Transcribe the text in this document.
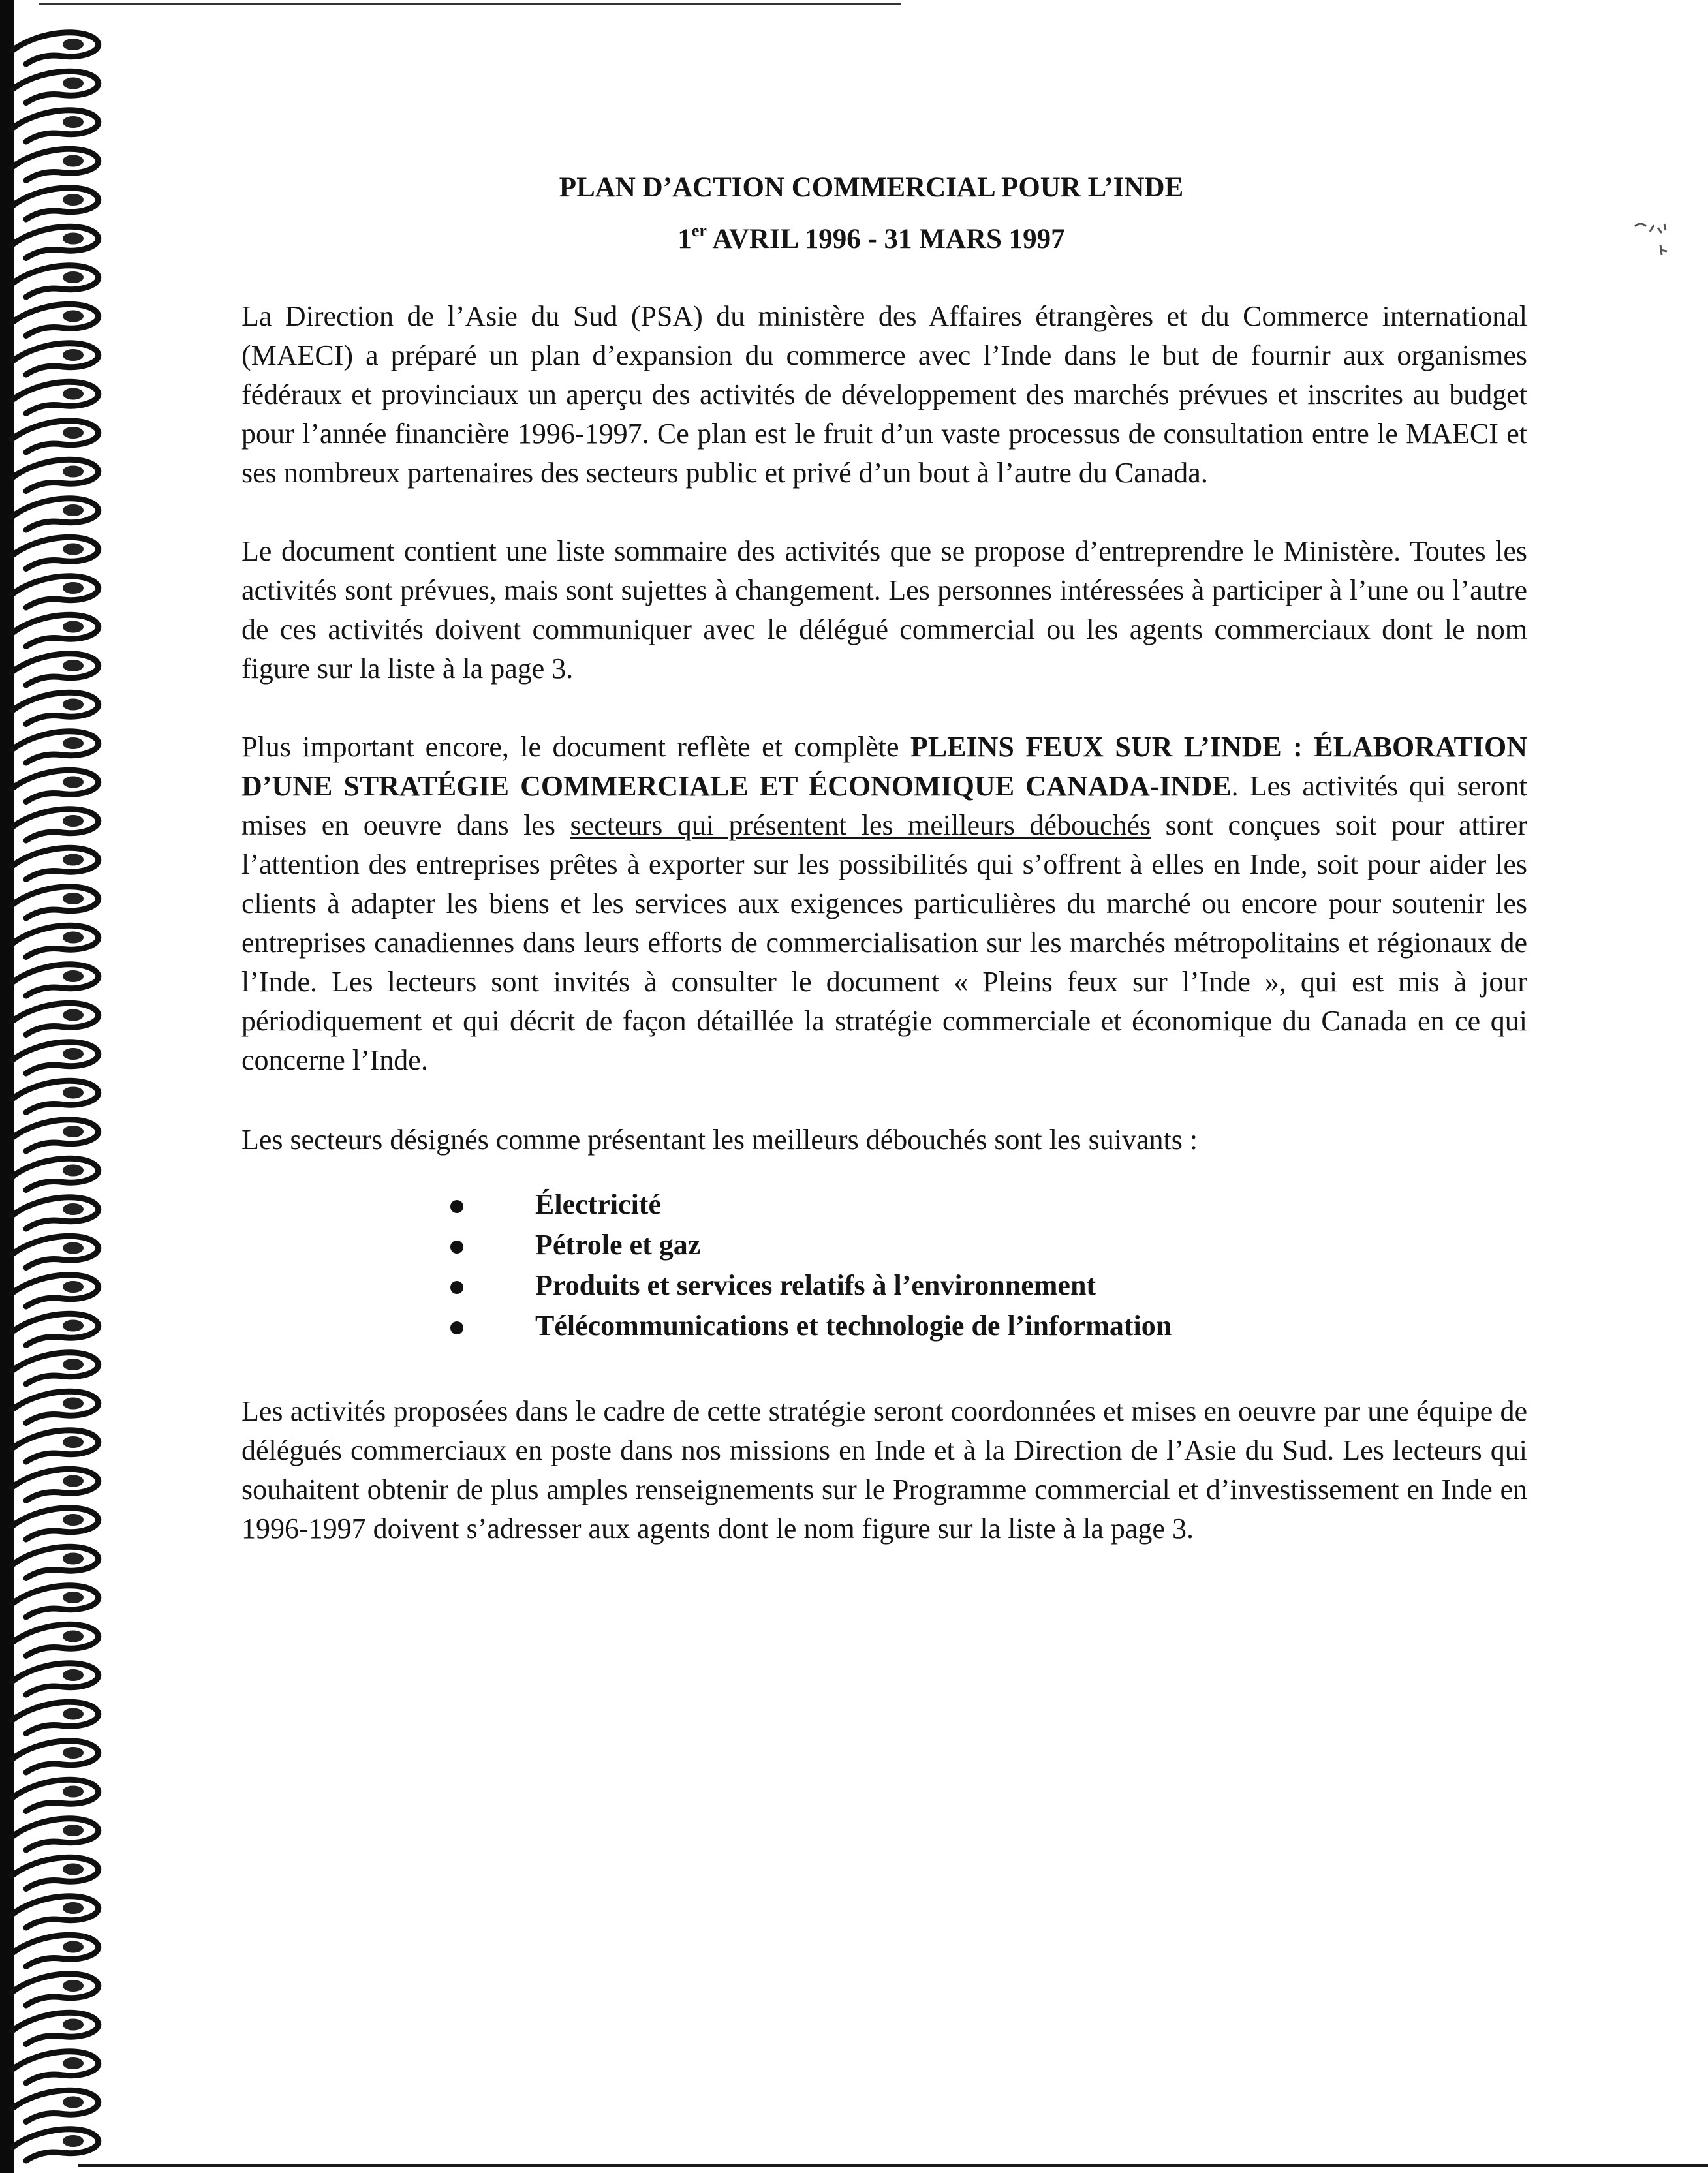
PLAN D’ACTION COMMERCIAL POUR L’INDE
1er AVRIL 1996 - 31 MARS 1997

La Direction de l’Asie du Sud (PSA) du ministère des Affaires étrangères et du Commerce international (MAECI) a préparé un plan d’expansion du commerce avec l’Inde dans le but de fournir aux organismes fédéraux et provinciaux un aperçu des activités de développement des marchés prévues et inscrites au budget pour l’année financière 1996-1997. Ce plan est le fruit d’un vaste processus de consultation entre le MAECI et ses nombreux partenaires des secteurs public et privé d’un bout à l’autre du Canada.

Le document contient une liste sommaire des activités que se propose d’entreprendre le Ministère. Toutes les activités sont prévues, mais sont sujettes à changement. Les personnes intéressées à participer à l’une ou l’autre de ces activités doivent communiquer avec le délégué commercial ou les agents commerciaux dont le nom figure sur la liste à la page 3.

Plus important encore, le document reflète et complète PLEINS FEUX SUR L’INDE : ÉLABORATION D’UNE STRATÉGIE COMMERCIALE ET ÉCONOMIQUE CANADA-INDE. Les activités qui seront mises en oeuvre dans les secteurs qui présentent les meilleurs débouchés sont conçues soit pour attirer l’attention des entreprises prêtes à exporter sur les possibilités qui s’offrent à elles en Inde, soit pour aider les clients à adapter les biens et les services aux exigences particulières du marché ou encore pour soutenir les entreprises canadiennes dans leurs efforts de commercialisation sur les marchés métropolitains et régionaux de l’Inde. Les lecteurs sont invités à consulter le document « Pleins feux sur l’Inde », qui est mis à jour périodiquement et qui décrit de façon détaillée la stratégie commerciale et économique du Canada en ce qui concerne l’Inde.

Les secteurs désignés comme présentant les meilleurs débouchés sont les suivants :

Électricité
Pétrole et gaz
Produits et services relatifs à l’environnement
Télécommunications et technologie de l’information

Les activités proposées dans le cadre de cette stratégie seront coordonnées et mises en oeuvre par une équipe de délégués commerciaux en poste dans nos missions en Inde et à la Direction de l’Asie du Sud. Les lecteurs qui souhaitent obtenir de plus amples renseignements sur le Programme commercial et d’investissement en Inde en 1996-1997 doivent s’adresser aux agents dont le nom figure sur la liste à la page 3.
